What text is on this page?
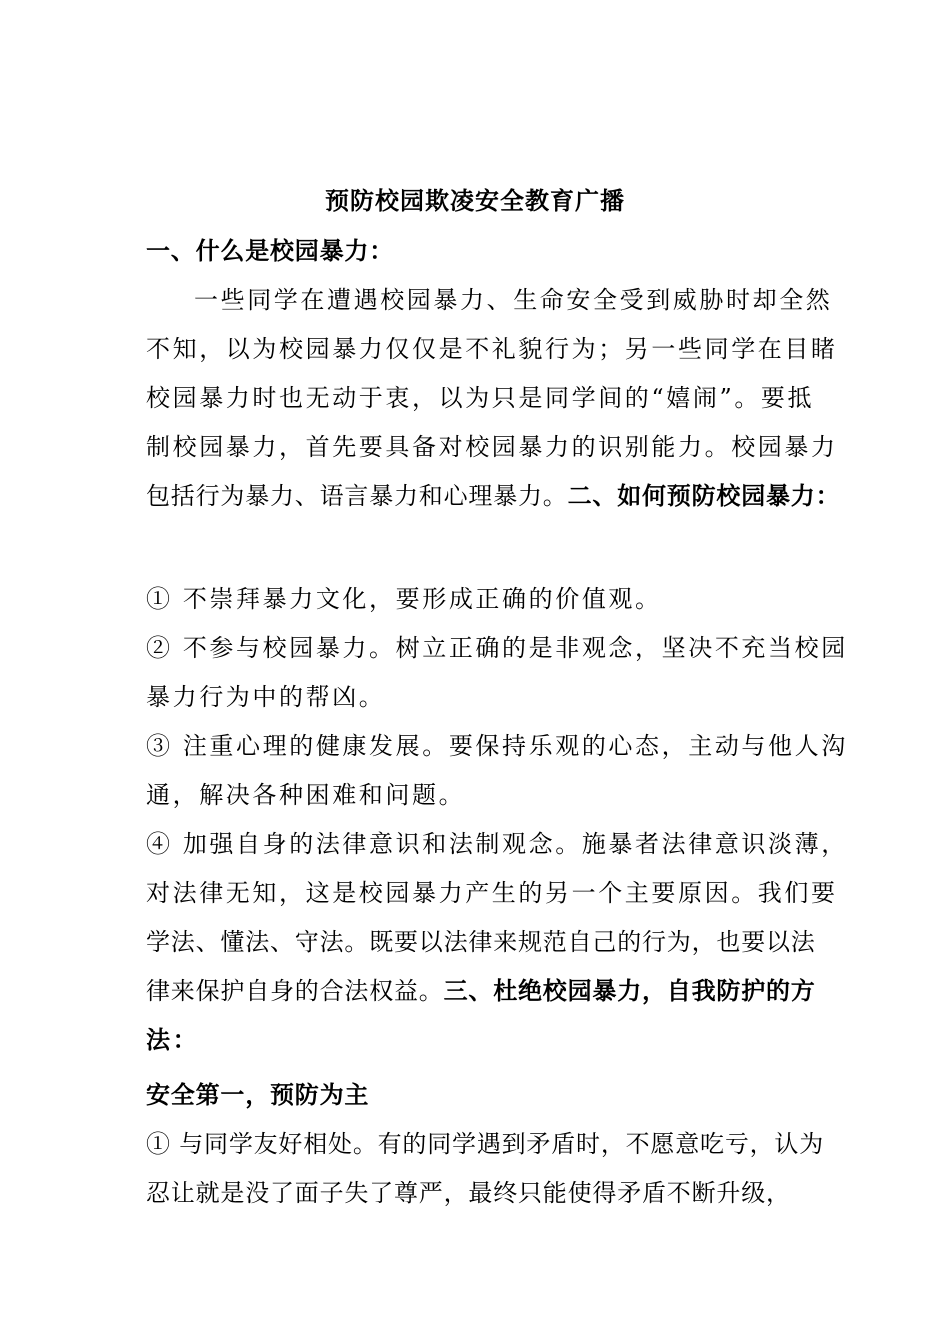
预防校园欺凌安全教育广播
一、什么是校园暴力：
一些同学在遭遇校园暴力、生命安全受到威胁时却全然
不知，以为校园暴力仅仅是不礼貌行为；另一些同学在目睹
校园暴力时也无动于衷，以为只是同学间的“嬉闹”。要抵
制校园暴力，首先要具备对校园暴力的识别能力。校园暴力
包括行为暴力、语言暴力和心理暴力。二、如何预防校园暴力：
① 不崇拜暴力文化，要形成正确的价值观。
② 不参与校园暴力。树立正确的是非观念，坚决不充当校园
暴力行为中的帮凶。
③ 注重心理的健康发展。要保持乐观的心态，主动与他人沟
通，解决各种困难和问题。
④ 加强自身的法律意识和法制观念。施暴者法律意识淡薄，
对法律无知，这是校园暴力产生的另一个主要原因。我们要
学法、懂法、守法。既要以法律来规范自己的行为，也要以法
律来保护自身的合法权益。三、杜绝校园暴力，自我防护的方
法：
安全第一，预防为主
① 与同学友好相处。有的同学遇到矛盾时，不愿意吃亏，认为
忍让就是没了面子失了尊严，最终只能使得矛盾不断升级，
